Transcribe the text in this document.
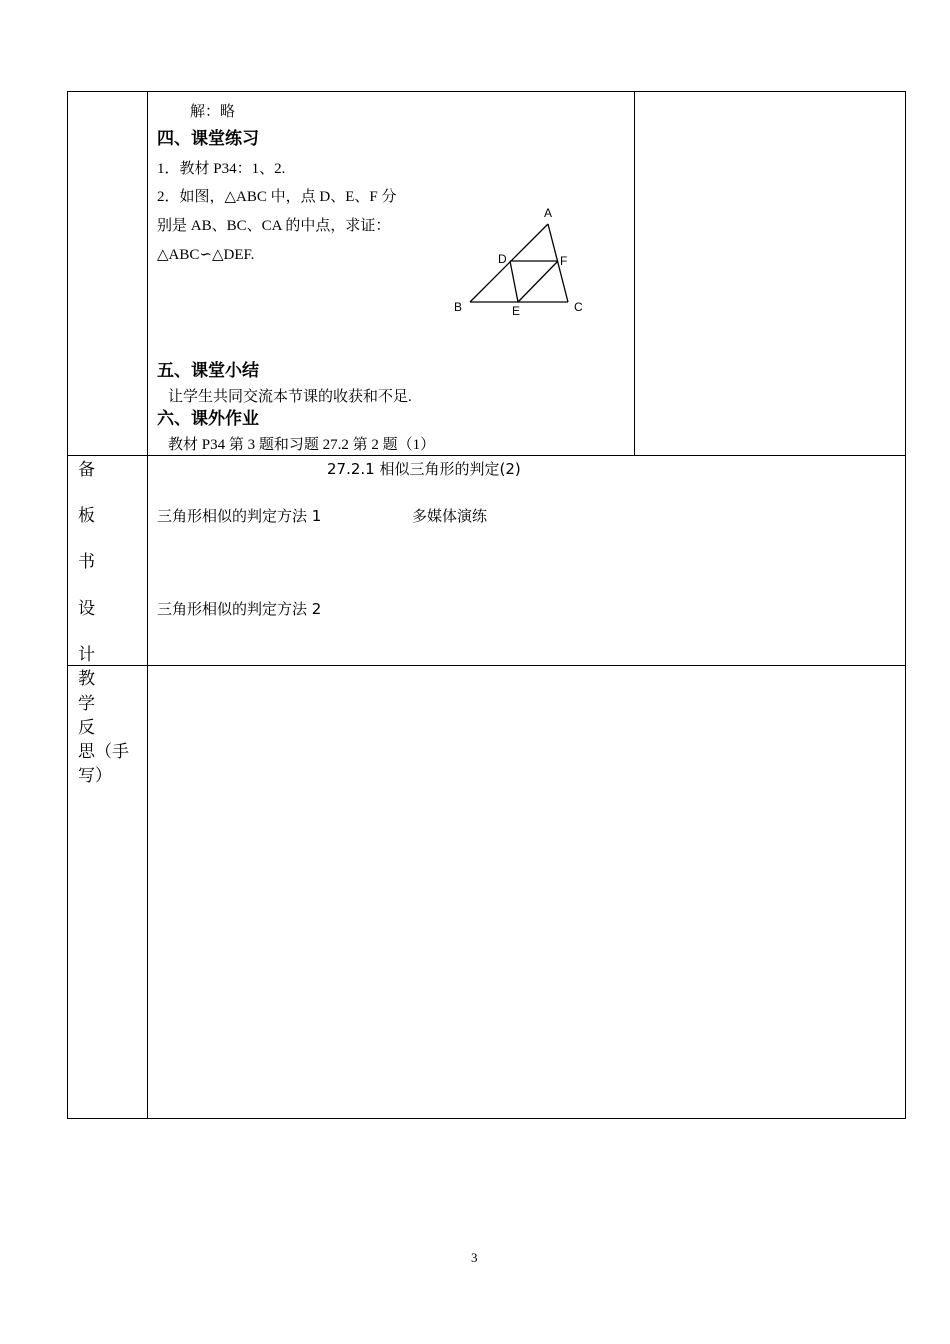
解：略
四、课堂练习
1．教材 P34：1、2.
2．如图，△ABC 中，点 D、E、F 分
别是 AB、BC、CA 的中点，求证：
△ABC∽△DEF.
A
B	C
D
E
F
五、课堂小结
让学生共同交流本节课的收获和不足.
六、课外作业
教材 P34 第 3 题和习题 27.2 第 2 题（1）
备
板
书
设
计
27.2.1 相似三角形的判定(2)
三角形相似的判定方法 1	多媒体演练
三角形相似的判定方法 2
教
学
反
思（手
写）
3
